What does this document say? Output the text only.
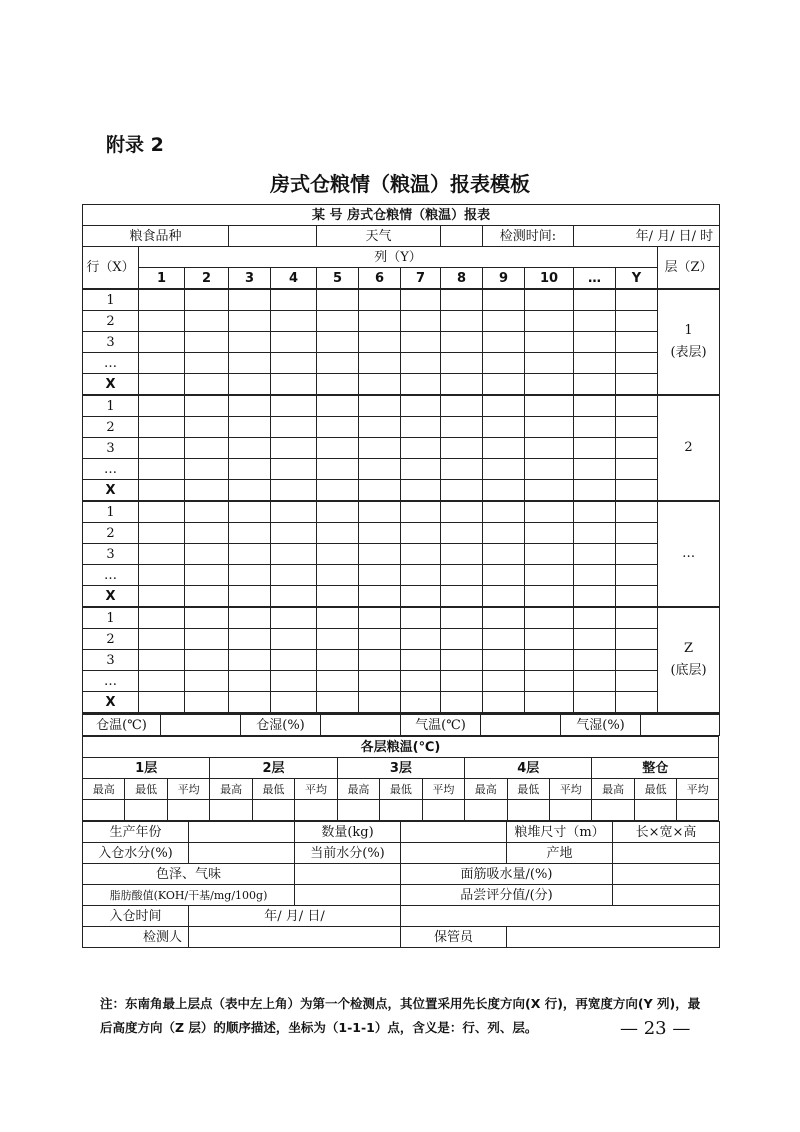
附录 2
房式仓粮情（粮温）报表模板
某 号 房式仓粮情（粮温）报表													
粮食品种					天气				检测时间:		年/ 月/ 日/ 时		
行（X）	列（Y）												层（Z）
	1	2	3	4	5	6	7	8	9	10	…	Y	
1													1
(表层)
2													
3													
…													
X													
1													2
2													
3													
…													
X													
1													…
2													
3													
…													
X													
1													Z
(底层)
2													
3													
…													
X													
仓温(℃)		仓湿(%)		气温(℃)		气湿(%)	
各层粮温(℃)														
1层			2层			3层			4层			整仓		
最高	最低	平均	最高	最低	平均	最高	最低	平均	最高	最低	平均	最高	最低	平均

生产年份		数量(kg)		粮堆尺寸（m）	长×宽×高
入仓水分(%)		当前水分(%)		产地	
色泽、气味			面筋吸水量/(%)		
脂肪酸值(KOH/干基/mg/100g)			品尝评分值/(分)		
入仓时间	年/ 月/ 日/				
检测人			保管员		
注：东南角最上层点（表中左上角）为第一个检测点，其位置采用先长度方向(X 行)，再宽度方向(Y 列)，最后高度方向（Z 层）的顺序描述，坐标为（1-1-1）点，含义是：行、列、层。	— 23 —
